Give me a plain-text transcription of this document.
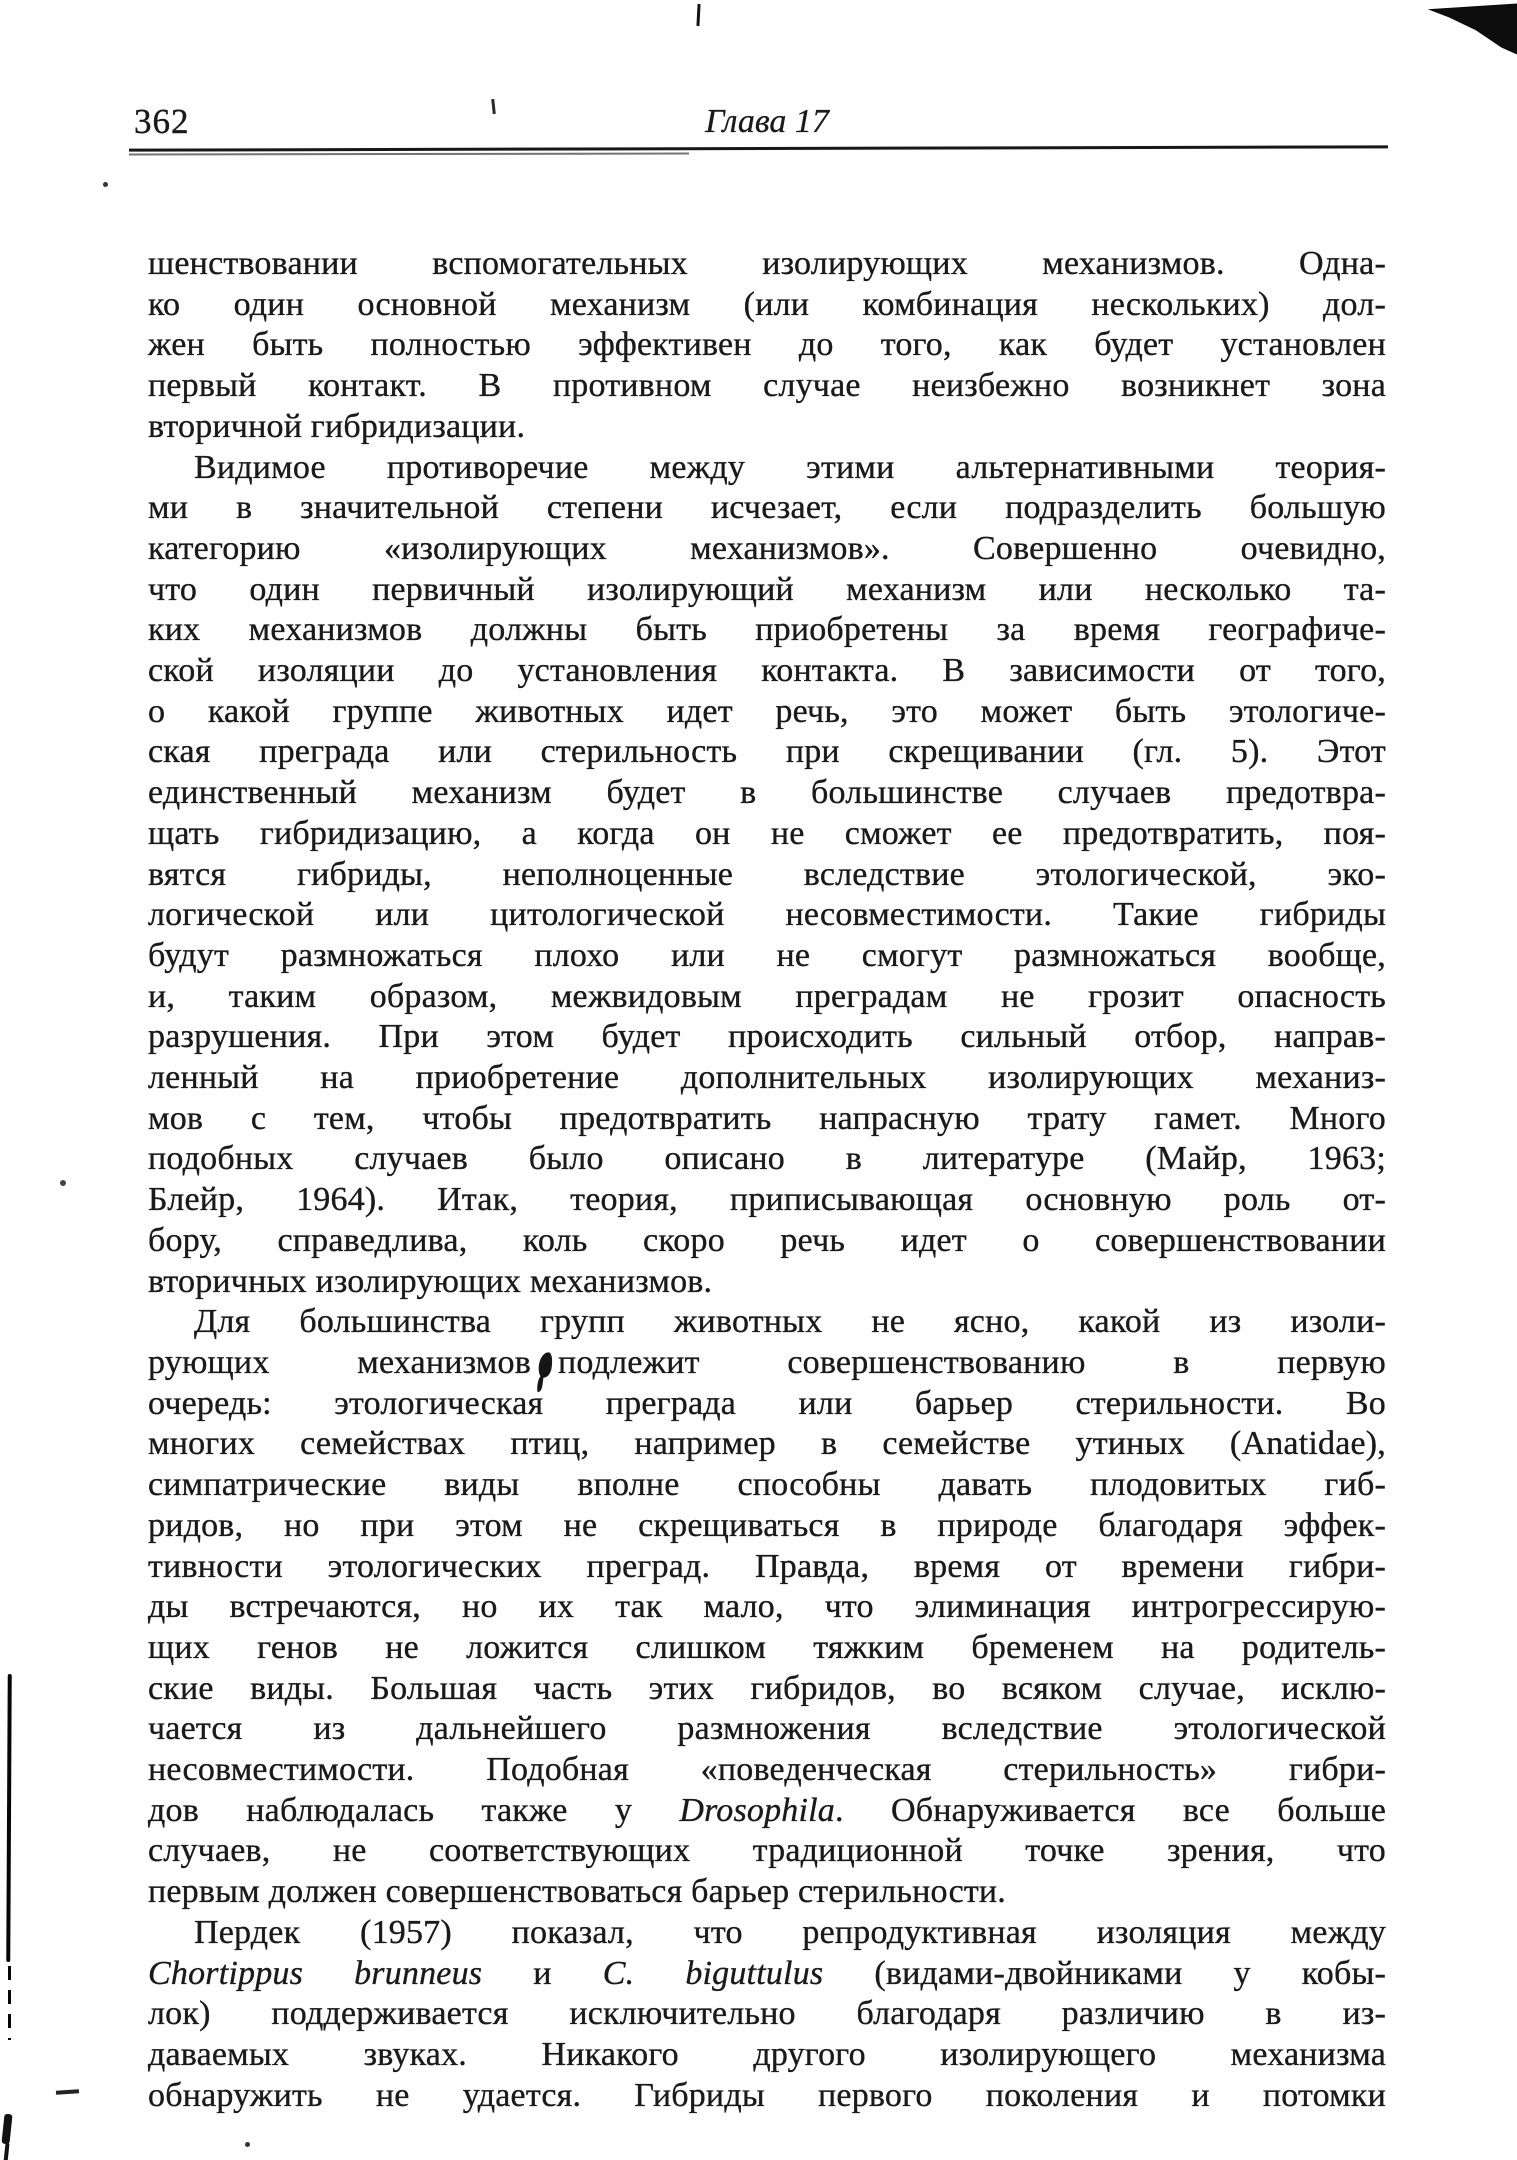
362	Глава 17
шенствовании вспомогательных изолирующих механизмов. Одна-
ко один основной механизм (или комбинация нескольких) дол-
жен быть полностью эффективен до того, как будет установлен
первый контакт. В противном случае неизбежно возникнет зона
вторичной гибридизации.
Видимое противоречие между этими альтернативными теория-
ми в значительной степени исчезает, если подразделить большую
категорию «изолирующих механизмов». Совершенно очевидно,
что один первичный изолирующий механизм или несколько та-
ких механизмов должны быть приобретены за время географиче-
ской изоляции до установления контакта. В зависимости от того,
о какой группе животных идет речь, это может быть этологиче-
ская преграда или стерильность при скрещивании (гл. 5). Этот
единственный механизм будет в большинстве случаев предотвра-
щать гибридизацию, а когда он не сможет ее предотвратить, поя-
вятся гибриды, неполноценные вследствие этологической, эко-
логической или цитологической несовместимости. Такие гибриды
будут размножаться плохо или не смогут размножаться вообще,
и, таким образом, межвидовым преградам не грозит опасность
разрушения. При этом будет происходить сильный отбор, направ-
ленный на приобретение дополнительных изолирующих механиз-
мов с тем, чтобы предотвратить напрасную трату гамет. Много
подобных случаев было описано в литературе (Майр, 1963;
Блейр, 1964). Итак, теория, приписывающая основную роль от-
бору, справедлива, коль скоро речь идет о совершенствовании
вторичных изолирующих механизмов.
Для большинства групп животных не ясно, какой из изоли-
рующих механизмов подлежит совершенствованию в первую
очередь: этологическая преграда или барьер стерильности. Во
многих семействах птиц, например в семействе утиных (Anatidae),
симпатрические виды вполне способны давать плодовитых гиб-
ридов, но при этом не скрещиваться в природе благодаря эффек-
тивности этологических преград. Правда, время от времени гибри-
ды встречаются, но их так мало, что элиминация интрогрессирую-
щих генов не ложится слишком тяжким бременем на родитель-
ские виды. Большая часть этих гибридов, во всяком случае, исклю-
чается из дальнейшего размножения вследствие этологической
несовместимости. Подобная «поведенческая стерильность» гибри-
дов наблюдалась также у Drosophila. Обнаруживается все больше
случаев, не соответствующих традиционной точке зрения, что
первым должен совершенствоваться барьер стерильности.
Пердек (1957) показал, что репродуктивная изоляция между
Chortippus brunneus и C. biguttulus (видами-двойниками у кобы-
лок) поддерживается исключительно благодаря различию в из-
даваемых звуках. Никакого другого изолирующего механизма
обнаружить не удается. Гибриды первого поколения и потомки
